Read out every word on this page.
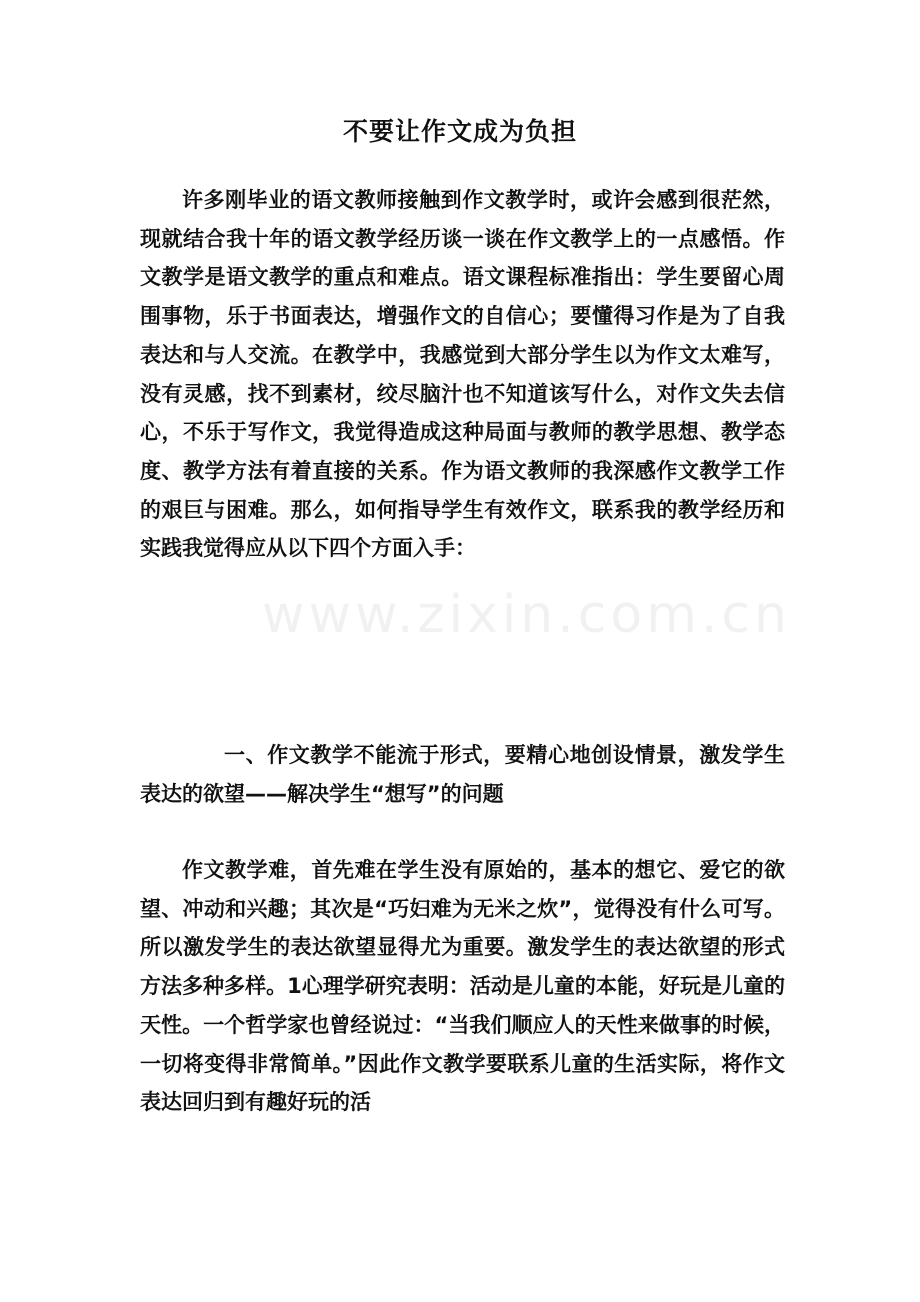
不要让作文成为负担

许多刚毕业的语文教师接触到作文教学时，或许会感到很茫然，现就结合我十年的语文教学经历谈一谈在作文教学上的一点感悟。作文教学是语文教学的重点和难点。语文课程标准指出：学生要留心周围事物，乐于书面表达，增强作文的自信心；要懂得习作是为了自我表达和与人交流。在教学中，我感觉到大部分学生以为作文太难写，没有灵感，找不到素材，绞尽脑汁也不知道该写什么，对作文失去信心，不乐于写作文，我觉得造成这种局面与教师的教学思想、教学态度、教学方法有着直接的关系。作为语文教师的我深感作文教学工作的艰巨与困难。那么，如何指导学生有效作文，联系我的教学经历和实践我觉得应从以下四个方面入手：

www.zixin.com.cn

一、作文教学不能流于形式，要精心地创设情景，激发学生表达的欲望——解决学生“想写”的问题

作文教学难，首先难在学生没有原始的，基本的想它、爱它的欲望、冲动和兴趣；其次是“巧妇难为无米之炊”，觉得没有什么可写。所以激发学生的表达欲望显得尤为重要。激发学生的表达欲望的形式方法多种多样。1心理学研究表明：活动是儿童的本能，好玩是儿童的天性。一个哲学家也曾经说过：“当我们顺应人的天性来做事的时候，一切将变得非常简单。”因此作文教学要联系儿童的生活实际，将作文表达回归到有趣好玩的活
